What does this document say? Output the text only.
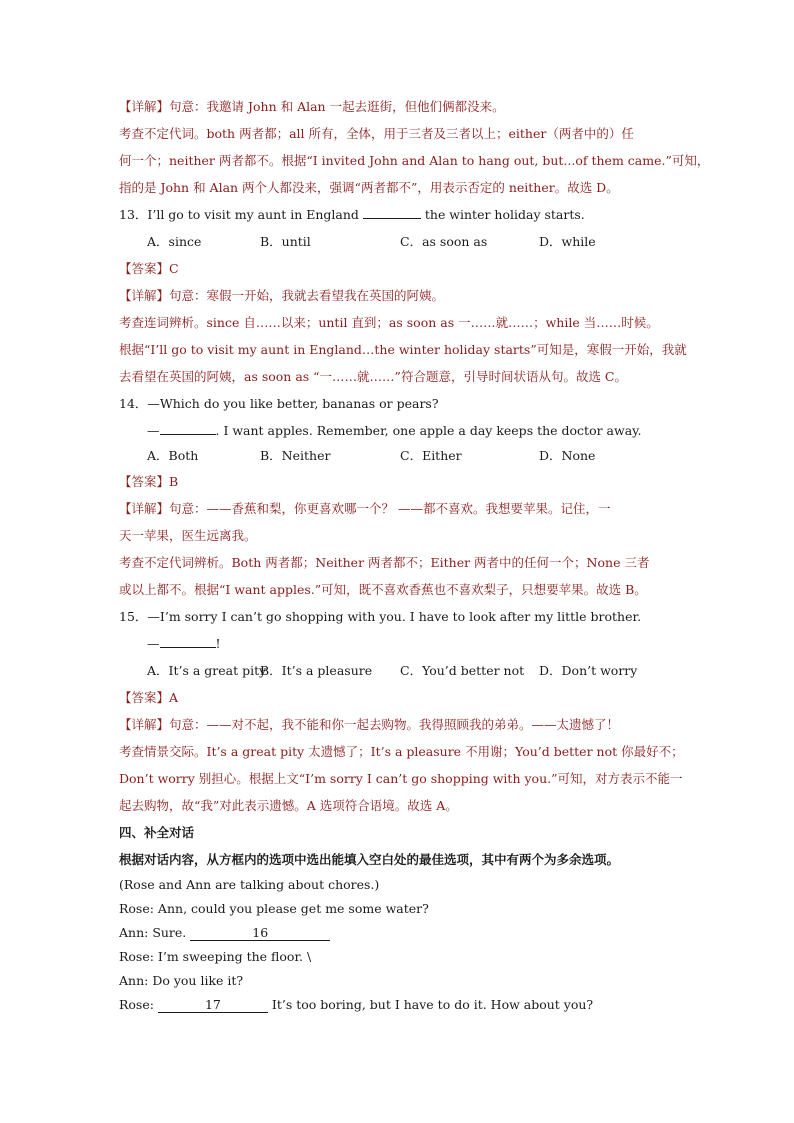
【详解】句意：我邀请 John 和 Alan 一起去逛街，但他们俩都没来。
考查不定代词。both 两者都；all 所有，全体，用于三者及三者以上；either（两者中的）任
何一个；neither 两者都不。根据“I invited John and Alan to hang out, but...of them came.”可知，
指的是 John 和 Alan 两个人都没来，强调“两者都不”，用表示否定的 neither。故选 D。
13．I’ll go to visit my aunt in England	the winter holiday starts.
A．since	B．until	C．as soon as	D．while
【答案】C
【详解】句意：寒假一开始，我就去看望我在英国的阿姨。
考查连词辨析。since 自……以来；until 直到；as soon as 一……就……；while 当……时候。
根据“I’ll go to visit my aunt in England…the winter holiday starts”可知是，寒假一开始，我就
去看望在英国的阿姨，as soon as “一……就……”符合题意，引导时间状语从句。故选 C。
14．—Which do you like better, bananas or pears?
—	. I want apples. Remember, one apple a day keeps the doctor away.
A．Both	B．Neither	C．Either	D．None
【答案】B
【详解】句意：——香蕉和梨，你更喜欢哪一个？ ——都不喜欢。我想要苹果。记住，一
天一苹果，医生远离我。
考查不定代词辨析。Both 两者都；Neither 两者都不；Either 两者中的任何一个；None 三者
或以上都不。根据“I want apples.”可知，既不喜欢香蕉也不喜欢梨子，只想要苹果。故选 B。
15．—I’m sorry I can’t go shopping with you. I have to look after my little brother.
—	!
A．It’s a great pity
B．It’s a pleasure	C．You’d better not	D．Don’t worry
【答案】A
【详解】句意：——对不起，我不能和你一起去购物。我得照顾我的弟弟。——太遗憾了！
考查情景交际。It’s a great pity 太遗憾了；It’s a pleasure 不用谢；You’d better not 你最好不；
Don’t worry 别担心。根据上文“I’m sorry I can’t go shopping with you.”可知，对方表示不能一
起去购物，故“我”对此表示遗憾。A 选项符合语境。故选 A。
四、补全对话
根据对话内容，从方框内的选项中选出能填入空白处的最佳选项，其中有两个为多余选项。
(Rose and Ann are talking about chores.)
Rose: Ann, could you please get me some water?
Ann: Sure.	16
Rose: I’m sweeping the floor. \
Ann: Do you like it?
Rose:	17	It’s too boring, but I have to do it. How about you?
